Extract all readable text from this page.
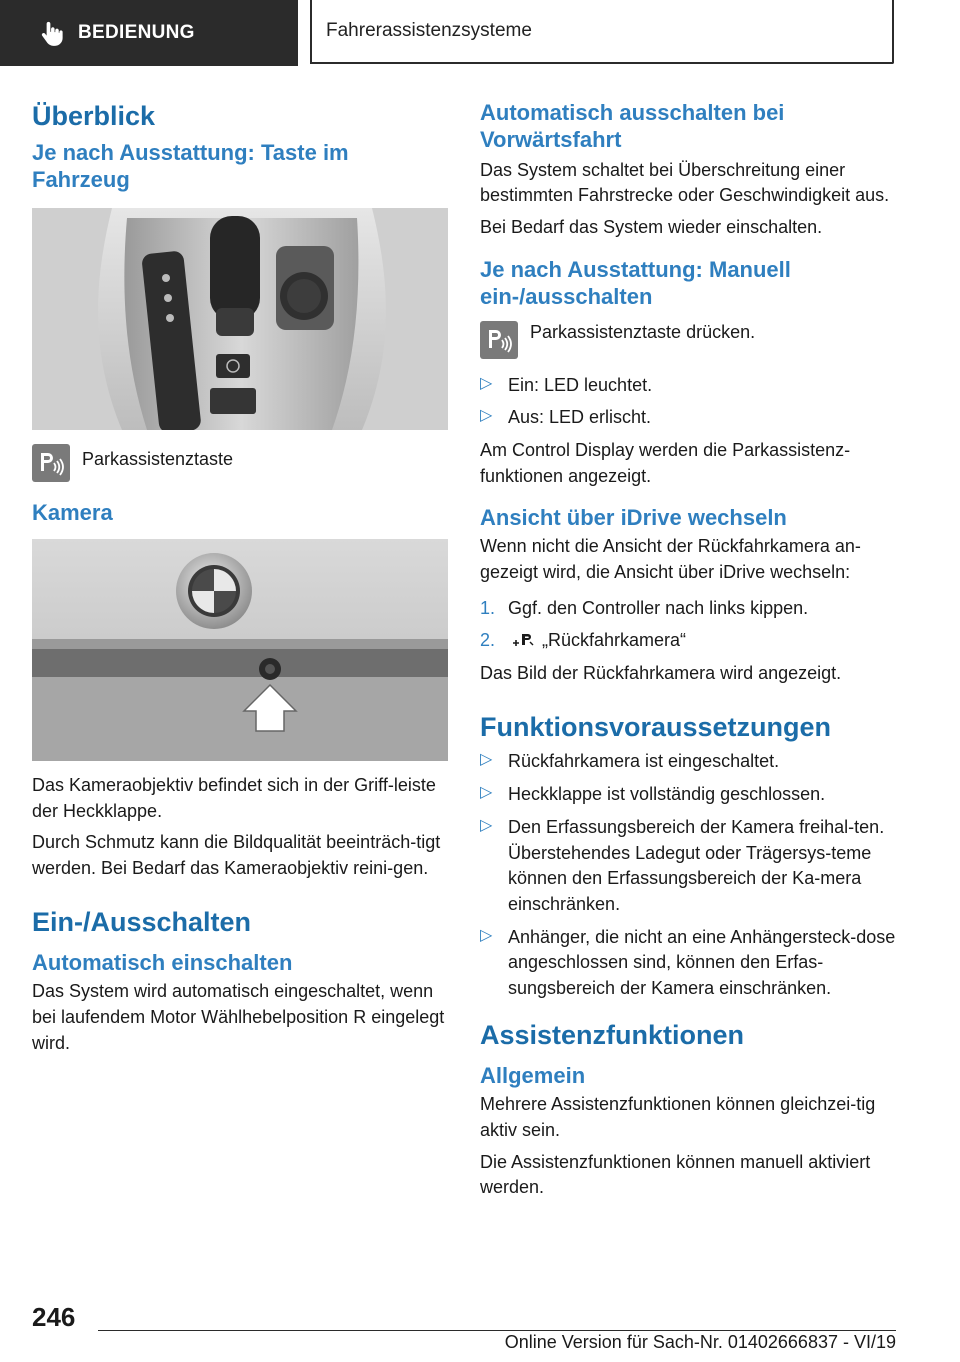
BEDIENUNG	Fahrerassistenzsysteme
Überblick
Je nach Ausstattung: Taste im Fahrzeug
Parkassistenztaste
Kamera

Das Kameraobjektiv befindet sich in der Griff-leiste der Heckklappe.

Durch Schmutz kann die Bildqualität beeinträch-tigt werden. Bei Bedarf das Kameraobjektiv reini-gen.

Ein-/Ausschalten
Automatisch einschalten

Das System wird automatisch eingeschaltet, wenn bei laufendem Motor Wählhebelposition R eingelegt wird.

Automatisch ausschalten bei Vorwärtsfahrt

Das System schaltet bei Überschreitung einer bestimmten Fahrstrecke oder Geschwindigkeit aus.

Bei Bedarf das System wieder einschalten.

Je nach Ausstattung: Manuell ein-/ausschalten
Parkassistenztaste drücken.
▷ Ein: LED leuchtet.
▷ Aus: LED erlischt.

Am Control Display werden die Parkassistenz-funktionen angezeigt.

Ansicht über iDrive wechseln

Wenn nicht die Ansicht der Rückfahrkamera an-gezeigt wird, die Ansicht über iDrive wechseln:

1. Ggf. den Controller nach links kippen.
2.	„Rückfahrkamera“

Das Bild der Rückfahrkamera wird angezeigt.

Funktionsvoraussetzungen
▷ Rückfahrkamera ist eingeschaltet.
▷ Heckklappe ist vollständig geschlossen.
▷ Den Erfassungsbereich der Kamera freihal-ten. Überstehendes Ladegut oder Trägersys-teme können den Erfassungsbereich der Ka-mera einschränken.
▷ Anhänger, die nicht an eine Anhängersteck-dose angeschlossen sind, können den Erfas-sungsbereich der Kamera einschränken.
Assistenzfunktionen
Allgemein

Mehrere Assistenzfunktionen können gleichzei-tig aktiv sein.

Die Assistenzfunktionen können manuell aktiviert werden.

246
Online Version für Sach-Nr. 01402666837 - VI/19
